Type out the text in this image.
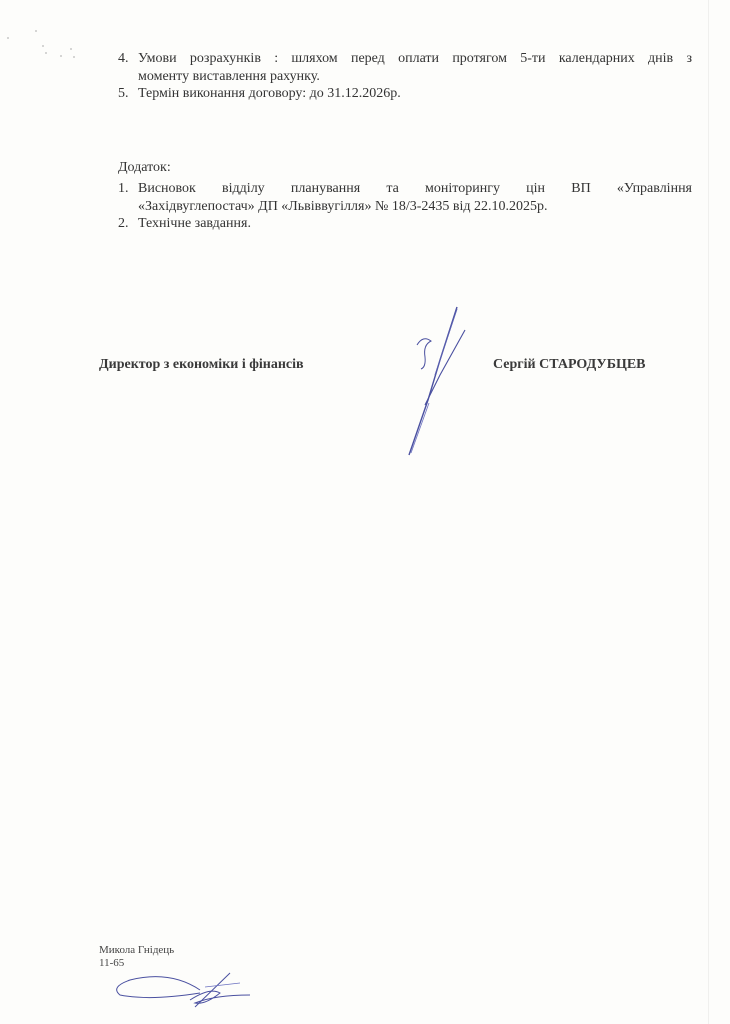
4. Умови розрахунків : шляхом перед оплати протягом 5-ти календарних днів з
моменту виставлення рахунку.
5. Термін виконання договору: до 31.12.2026р.
Додаток:
1. Висновок відділу планування та моніторингу цін ВП «Управління
«Західвуглепостач» ДП «Львіввугілля» № 18/3-2435 від 22.10.2025р.
2. Технічне завдання.
Директор з економіки і фінансів	Сергій СТАРОДУБЦЕВ
Микола Гнідець
11-65
